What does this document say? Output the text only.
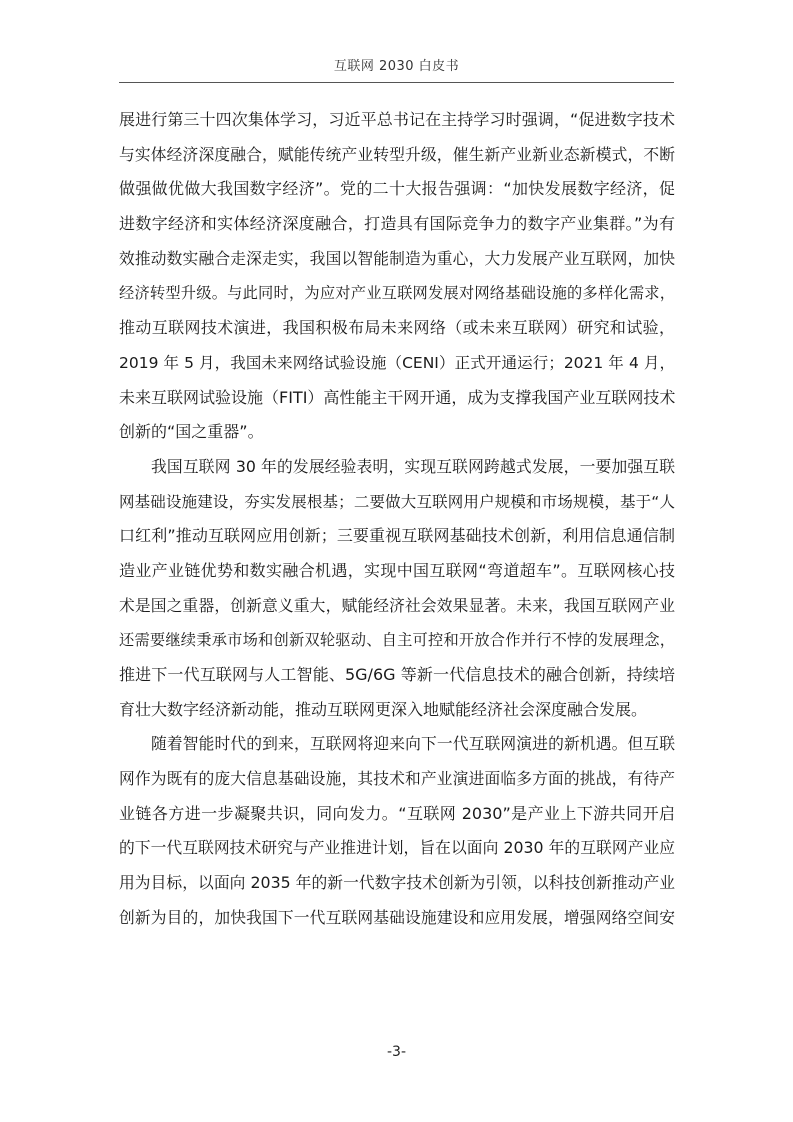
互联网 2030 白皮书
展进行第三十四次集体学习，习近平总书记在主持学习时强调，“促进数字技术
与实体经济深度融合，赋能传统产业转型升级，催生新产业新业态新模式，不断
做强做优做大我国数字经济”。党的二十大报告强调：“加快发展数字经济，促
进数字经济和实体经济深度融合，打造具有国际竞争力的数字产业集群。”为有
效推动数实融合走深走实，我国以智能制造为重心，大力发展产业互联网，加快
经济转型升级。与此同时，为应对产业互联网发展对网络基础设施的多样化需求，
推动互联网技术演进，我国积极布局未来网络（或未来互联网）研究和试验，
2019 年 5 月，我国未来网络试验设施（CENI）正式开通运行；2021 年 4 月，
未来互联网试验设施（FITI）高性能主干网开通，成为支撑我国产业互联网技术
创新的“国之重器”。
我国互联网 30 年的发展经验表明，实现互联网跨越式发展，一要加强互联
网基础设施建设，夯实发展根基；二要做大互联网用户规模和市场规模，基于“人
口红利”推动互联网应用创新；三要重视互联网基础技术创新，利用信息通信制
造业产业链优势和数实融合机遇，实现中国互联网“弯道超车”。互联网核心技
术是国之重器，创新意义重大，赋能经济社会效果显著。未来，我国互联网产业
还需要继续秉承市场和创新双轮驱动、自主可控和开放合作并行不悖的发展理念，
推进下一代互联网与人工智能、5G/6G 等新一代信息技术的融合创新，持续培
育壮大数字经济新动能，推动互联网更深入地赋能经济社会深度融合发展。
随着智能时代的到来，互联网将迎来向下一代互联网演进的新机遇。但互联
网作为既有的庞大信息基础设施，其技术和产业演进面临多方面的挑战，有待产
业链各方进一步凝聚共识，同向发力。“互联网 2030”是产业上下游共同开启
的下一代互联网技术研究与产业推进计划，旨在以面向 2030 年的互联网产业应
用为目标，以面向 2035 年的新一代数字技术创新为引领，以科技创新推动产业
创新为目的，加快我国下一代互联网基础设施建设和应用发展，增强网络空间安
-3-
